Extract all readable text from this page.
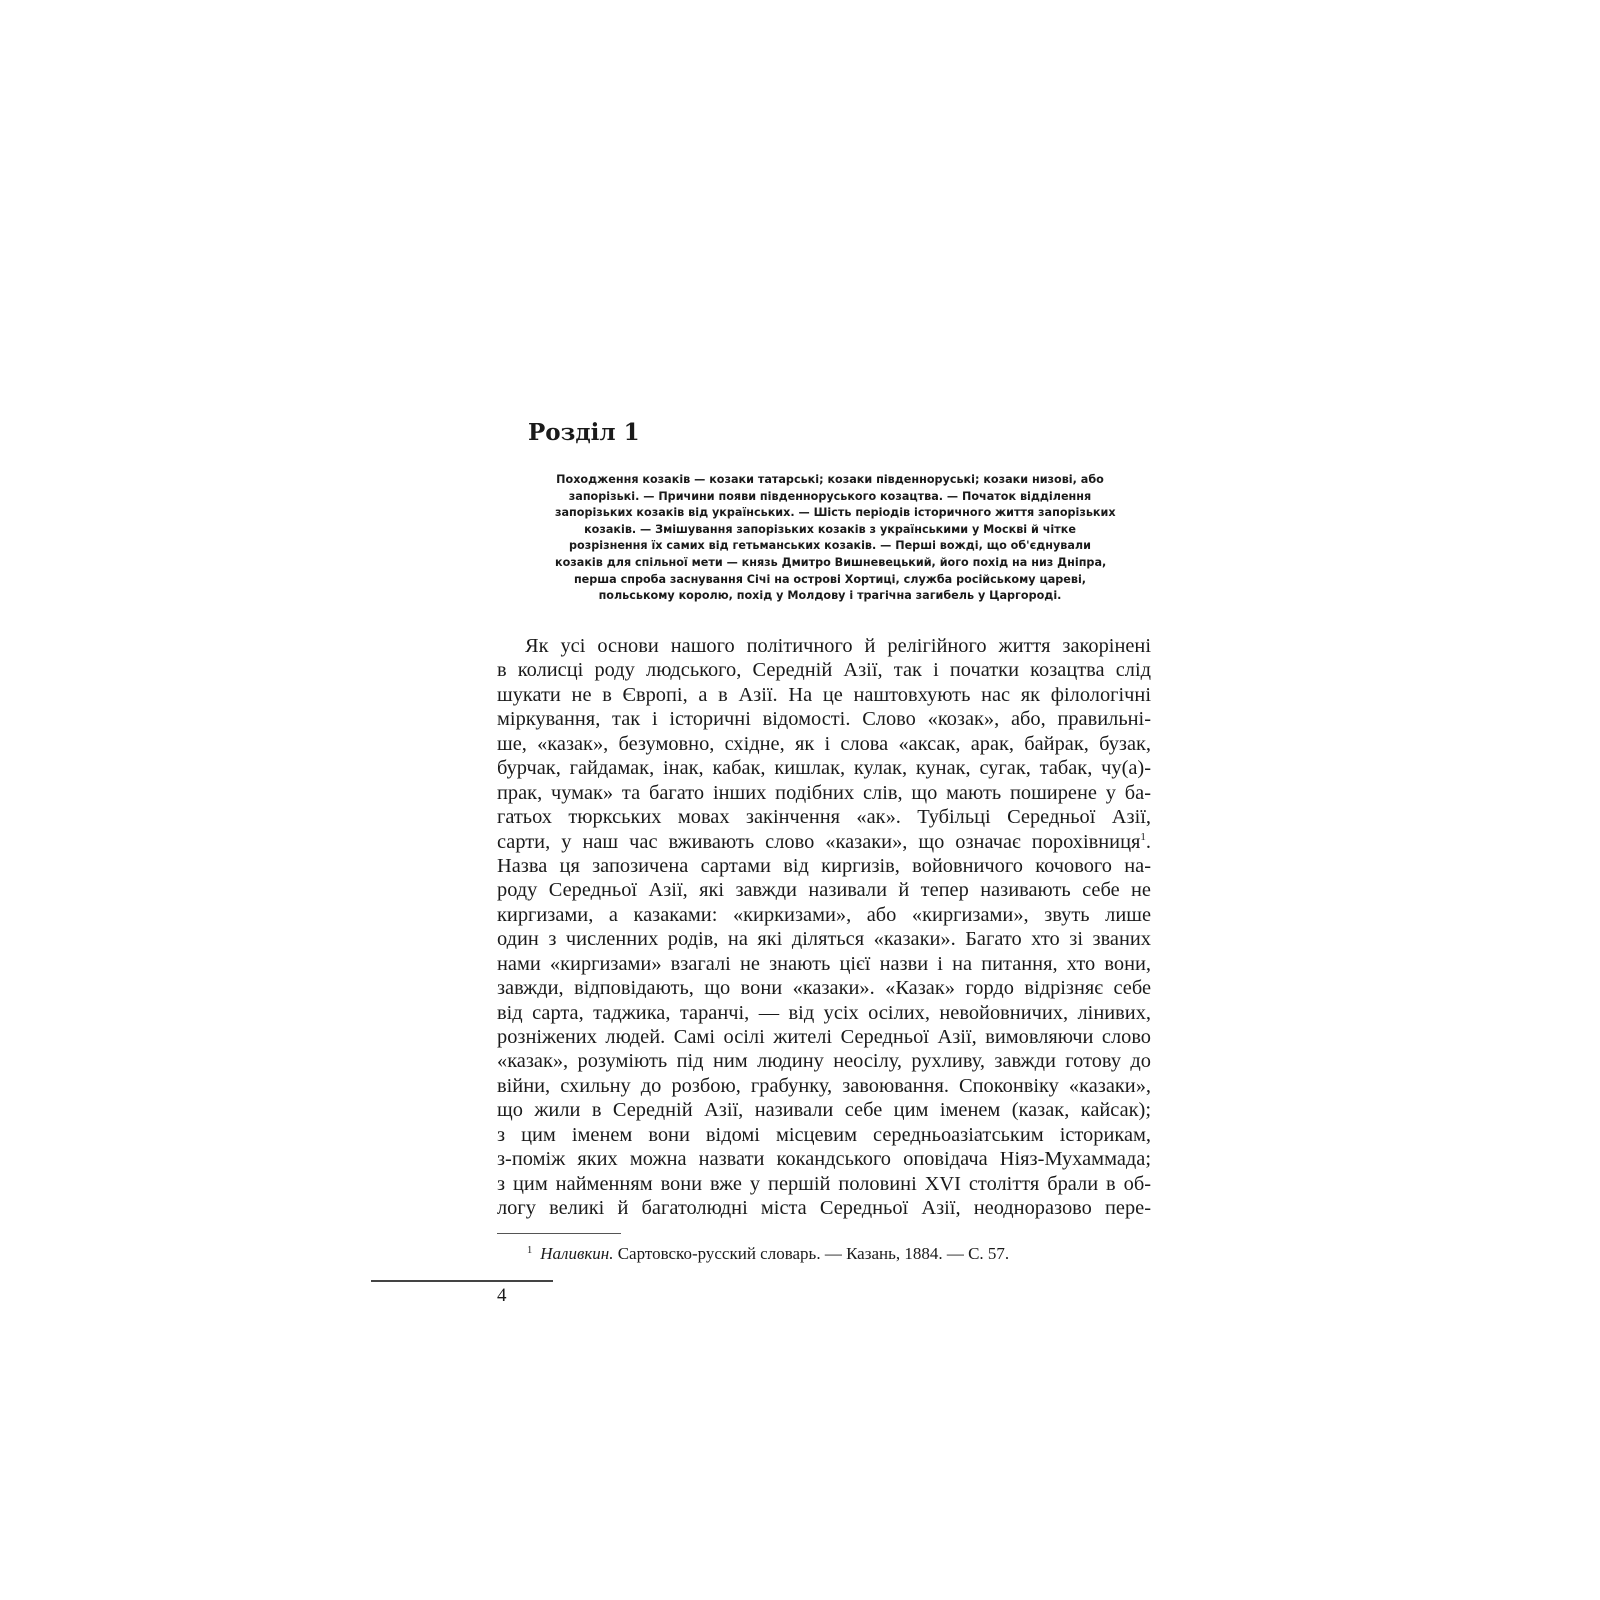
Розділ 1
Походження козаків — козаки татарські; козаки південноруські; козаки низові, або
запорізькі. — Причини появи південноруського козацтва. — Початок відділення
запорізьких козаків від українських. — Шість періодів історичного життя запорізьких
козаків. — Змішування запорізьких козаків з українськими у Москві й чітке
розрізнення їх самих від гетьманських козаків. — Перші вожді, що об'єднували
козаків для спільної мети — князь Дмитро Вишневецький, його похід на низ Дніпра,
перша спроба заснування Січі на острові Хортиці, служба російському цареві,
польському королю, похід у Молдову і трагічна загибель у Царгороді.
Як усі основи нашого політичного й релігійного життя закорінені
в колисці роду людського, Середній Азії, так і початки козацтва слід
шукати не в Європі, а в Азії. На це наштовхують нас як філологічні
міркування, так і історичні відомості. Слово «козак», або, правильні-
ше, «казак», безумовно, східне, як і слова «аксак, арак, байрак, бузак,
бурчак, гайдамак, інак, кабак, кишлак, кулак, кунак, сугак, табак, чу(а)-
прак, чумак» та багато інших подібних слів, що мають поширене у ба-
гатьох тюркських мовах закінчення «ак». Тубільці Середньої Азії,
сарти, у наш час вживають слово «казаки», що означає порохівниця$^1$.
Назва ця запозичена сартами від киргизів, войовничого кочового на-
роду Середньої Азії, які завжди називали й тепер називають себе не
киргизами, а казаками: «киркизами», або «киргизами», звуть лише
один з численних родів, на які діляться «казаки». Багато хто зі званих
нами «киргизами» взагалі не знають цієї назви і на питання, хто вони,
завжди, відповідають, що вони «казаки». «Казак» гордо відрізняє себе
від сарта, таджика, таранчі, — від усіх осілих, невойовничих, лінивих,
розніжених людей. Самі осілі жителі Середньої Азії, вимовляючи слово
«казак», розуміють під ним людину неосілу, рухливу, завжди готову до
війни, схильну до розбою, грабунку, завоювання. Споконвіку «казаки»,
що жили в Середній Азії, називали себе цим іменем (казак, кайсак);
з цим іменем вони відомі місцевим середньоазіатським історикам,
з-поміж яких можна назвати кокандського оповідача Ніяз-Мухаммада;
з цим найменням вони вже у першій половині XVI століття брали в об-
логу великі й багатолюдні міста Середньої Азії, неодноразово пере-

$^1$ Наливкин. Сартовско-русский словарь. — Казань, 1884. — С. 57.

4
